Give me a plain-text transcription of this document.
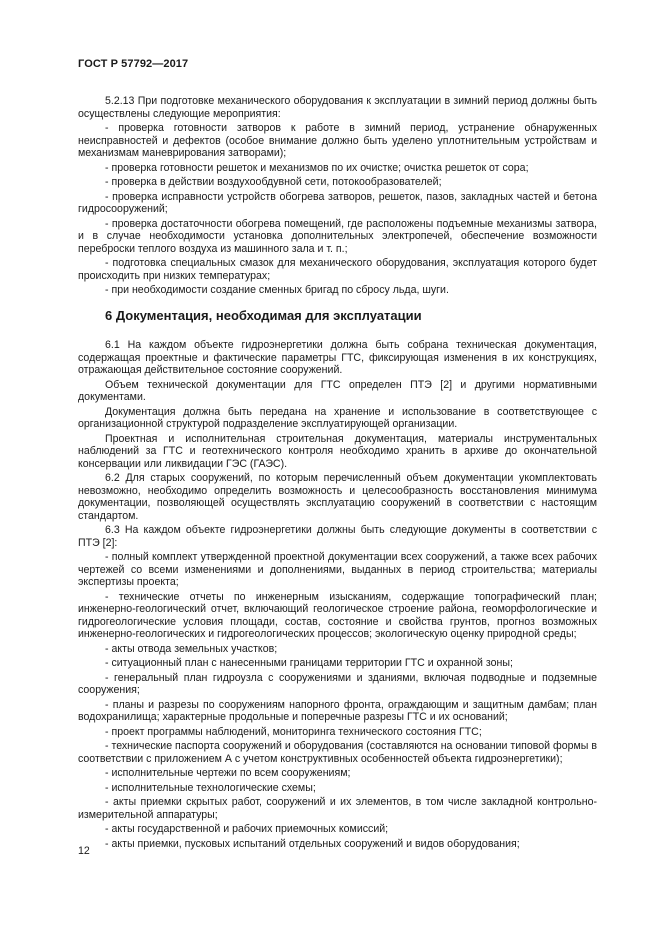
ГОСТ Р 57792—2017

5.2.13 При подготовке механического оборудования к эксплуатации в зимний период должны быть осуществлены следующие мероприятия:

- проверка готовности затворов к работе в зимний период, устранение обнаруженных неисправностей и дефектов (особое внимание должно быть уделено уплотнительным устройствам и механизмам маневрирования затворами);

- проверка готовности решеток и механизмов по их очистке; очистка решеток от сора;

- проверка в действии воздухообдувной сети, потокообразователей;

- проверка исправности устройств обогрева затворов, решеток, пазов, закладных частей и бетона гидросооружений;

- проверка достаточности обогрева помещений, где расположены подъемные механизмы затвора, и в случае необходимости установка дополнительных электропечей, обеспечение возможности переброски теплого воздуха из машинного зала и т. п.;

- подготовка специальных смазок для механического оборудования, эксплуатация которого будет происходить при низких температурах;

- при необходимости создание сменных бригад по сбросу льда, шуги.

6 Документация, необходимая для эксплуатации

6.1 На каждом объекте гидроэнергетики должна быть собрана техническая документация, содержащая проектные и фактические параметры ГТС, фиксирующая изменения в их конструкциях, отражающая действительное состояние сооружений.

Объем технической документации для ГТС определен ПТЭ [2] и другими нормативными документами.

Документация должна быть передана на хранение и использование в соответствующее с организационной структурой подразделение эксплуатирующей организации.

Проектная и исполнительная строительная документация, материалы инструментальных наблюдений за ГТС и геотехнического контроля необходимо хранить в архиве до окончательной консервации или ликвидации ГЭС (ГАЭС).

6.2 Для старых сооружений, по которым перечисленный объем документации укомплектовать невозможно, необходимо определить возможность и целесообразность восстановления минимума документации, позволяющей осуществлять эксплуатацию сооружений в соответствии с настоящим стандартом.

6.3 На каждом объекте гидроэнергетики должны быть следующие документы в соответствии с ПТЭ [2]:

- полный комплект утвержденной проектной документации всех сооружений, а также всех рабочих чертежей со всеми изменениями и дополнениями, выданных в период строительства; материалы экспертизы проекта;

- технические отчеты по инженерным изысканиям, содержащие топографический план; инженерно-геологический отчет, включающий геологическое строение района, геоморфологические и гидрогеологические условия площади, состав, состояние и свойства грунтов, прогноз возможных инженерно-геологических и гидрогеологических процессов; экологическую оценку природной среды;

- акты отвода земельных участков;

- ситуационный план с нанесенными границами территории ГТС и охранной зоны;

- генеральный план гидроузла с сооружениями и зданиями, включая подводные и подземные сооружения;

- планы и разрезы по сооружениям напорного фронта, ограждающим и защитным дамбам; план водохранилища; характерные продольные и поперечные разрезы ГТС и их оснований;

- проект программы наблюдений, мониторинга технического состояния ГТС;

- технические паспорта сооружений и оборудования (составляются на основании типовой формы в соответствии с приложением А с учетом конструктивных особенностей объекта гидроэнергетики);

- исполнительные чертежи по всем сооружениям;

- исполнительные технологические схемы;

- акты приемки скрытых работ, сооружений и их элементов, в том числе закладной контрольно-измерительной аппаратуры;

- акты государственной и рабочих приемочных комиссий;

- акты приемки, пусковых испытаний отдельных сооружений и видов оборудования;

12
